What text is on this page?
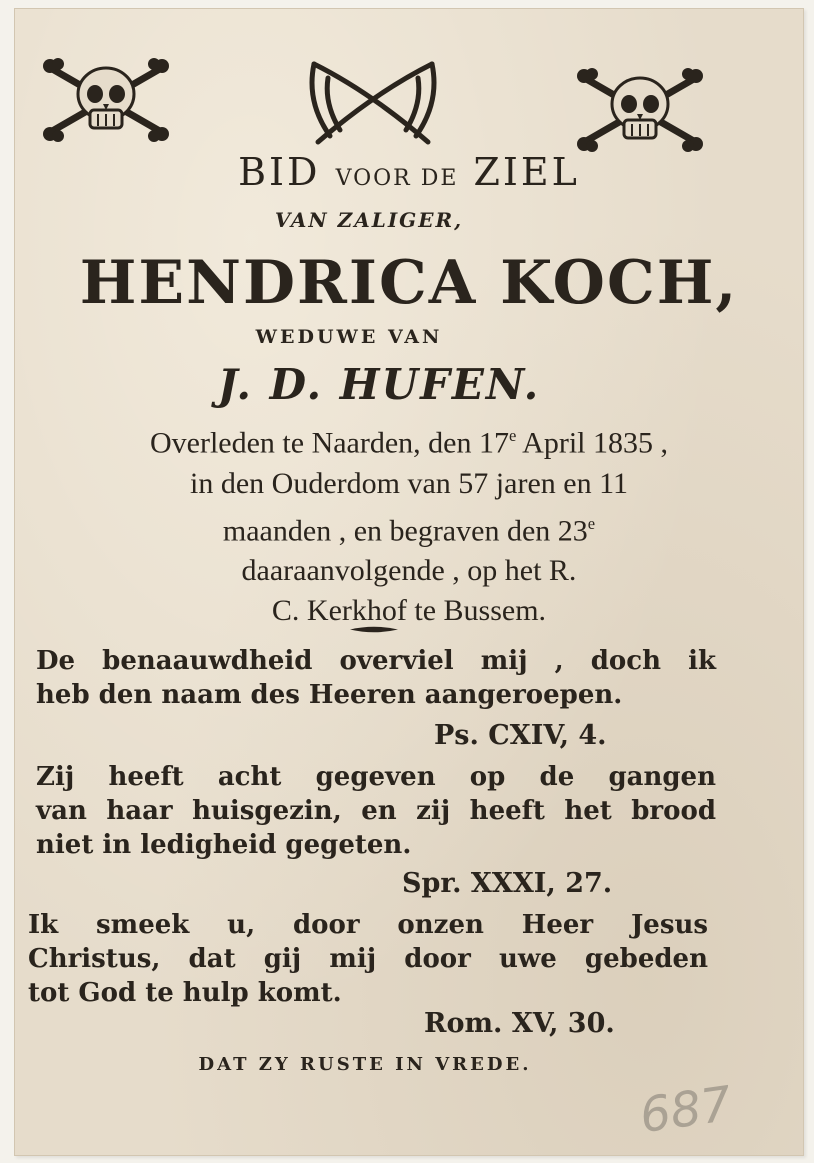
BID VOOR DE ZIEL
VAN ZALIGER,
HENDRICA KOCH,
WEDUWE VAN
J. D. HUFEN.
Overleden te Naarden, den 17e April 1835 ,
in den Ouderdom van 57 jaren en 11
maanden , en begraven den 23e
daaraanvolgende , op het R.
C. Kerkhof te Bussem.
De benaauwdheid overviel mij , doch ik
heb den naam des Heeren aangeroepen.
Ps. CXIV, 4.
Zij heeft acht gegeven op de gangen
van haar huisgezin, en zij heeft het brood
niet in ledigheid gegeten.
Spr. XXXI, 27.
Ik smeek u, door onzen Heer Jesus
Christus, dat gij mij door uwe gebeden
tot God te hulp komt.
Rom. XV, 30.
DAT ZY RUSTE IN VREDE.
687
